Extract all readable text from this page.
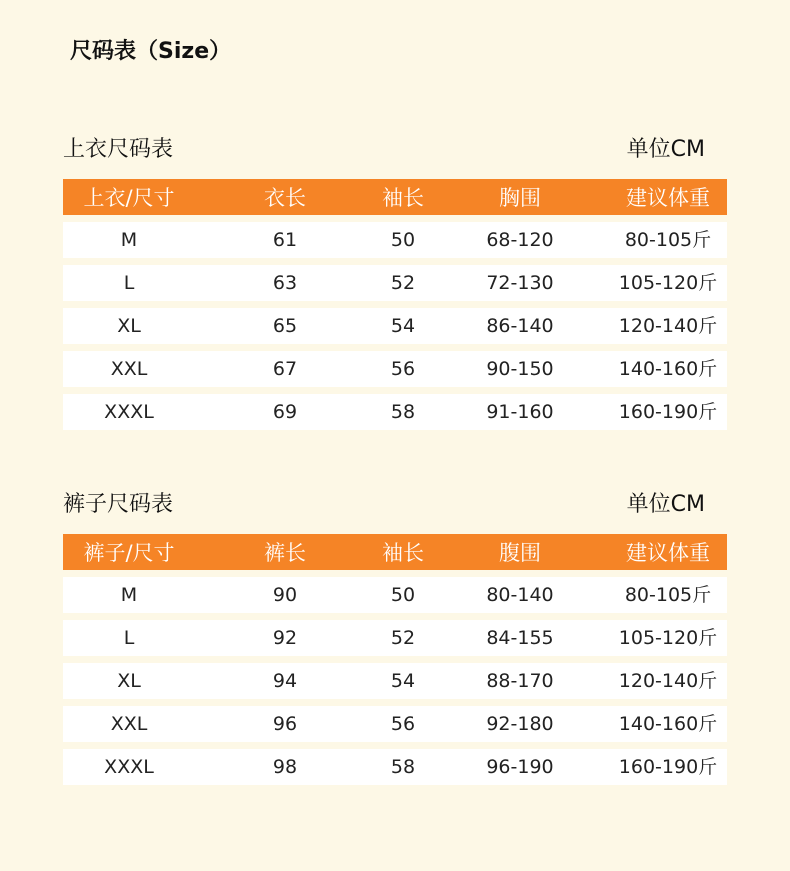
尺码表（Size）
上衣尺码表	单位CM
上衣/尺寸	衣长	袖长	胸围	建议体重
M	61	50	68-120	80-105斤
L	63	52	72-130	105-120斤
XL	65	54	86-140	120-140斤
XXL	67	56	90-150	140-160斤
XXXL	69	58	91-160	160-190斤
裤子尺码表	单位CM
裤子/尺寸	裤长	袖长	腹围	建议体重
M	90	50	80-140	80-105斤
L	92	52	84-155	105-120斤
XL	94	54	88-170	120-140斤
XXL	96	56	92-180	140-160斤
XXXL	98	58	96-190	160-190斤
